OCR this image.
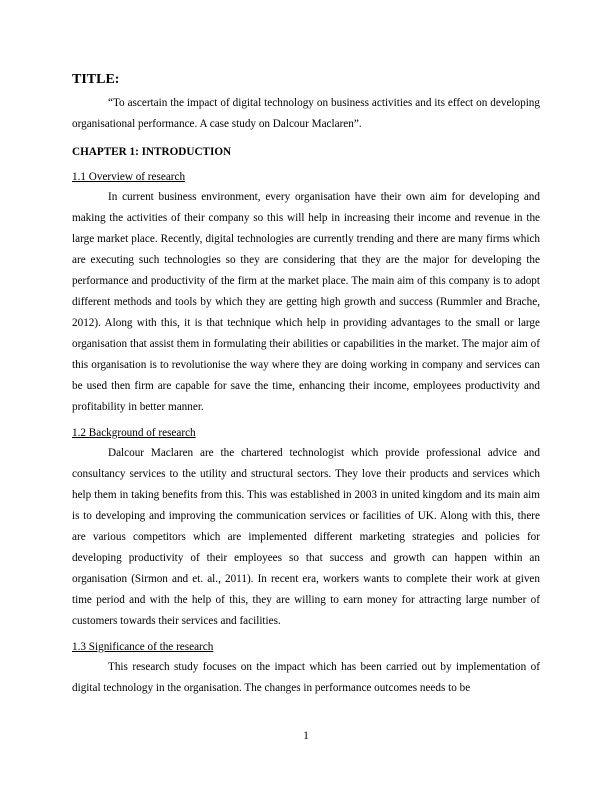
TITLE:

“To ascertain the impact of digital technology on business activities and its effect on developing organisational performance. A case study on Dalcour Maclaren”.

CHAPTER 1: INTRODUCTION
1.1 Overview of research

In current business environment, every organisation have their own aim for developing and making the activities of their company so this will help in increasing their income and revenue in the large market place. Recently, digital technologies are currently trending and there are many firms which are executing such technologies so they are considering that they are the major for developing the performance and productivity of the firm at the market place. The main aim of this company is to adopt different methods and tools by which they are getting high growth and success (Rummler and Brache, 2012). Along with this, it is that technique which help in providing advantages to the small or large organisation that assist them in formulating their abilities or capabilities in the market. The major aim of this organisation is to revolutionise the way where they are doing working in company and services can be used then firm are capable for save the time, enhancing their income, employees productivity and profitability in better manner.

1.2 Background of research

Dalcour Maclaren are the chartered technologist which provide professional advice and consultancy services to the utility and structural sectors. They love their products and services which help them in taking benefits from this. This was established in 2003 in united kingdom and its main aim is to developing and improving the communication services or facilities of UK. Along with this, there are various competitors which are implemented different marketing strategies and policies for developing productivity of their employees so that success and growth can happen within an organisation (Sirmon and et. al., 2011). In recent era, workers wants to complete their work at given time period and with the help of this, they are willing to earn money for attracting large number of customers towards their services and facilities.

1.3 Significance of the research

This research study focuses on the impact which has been carried out by implementation of digital technology in the organisation. The changes in performance outcomes needs to be

1
